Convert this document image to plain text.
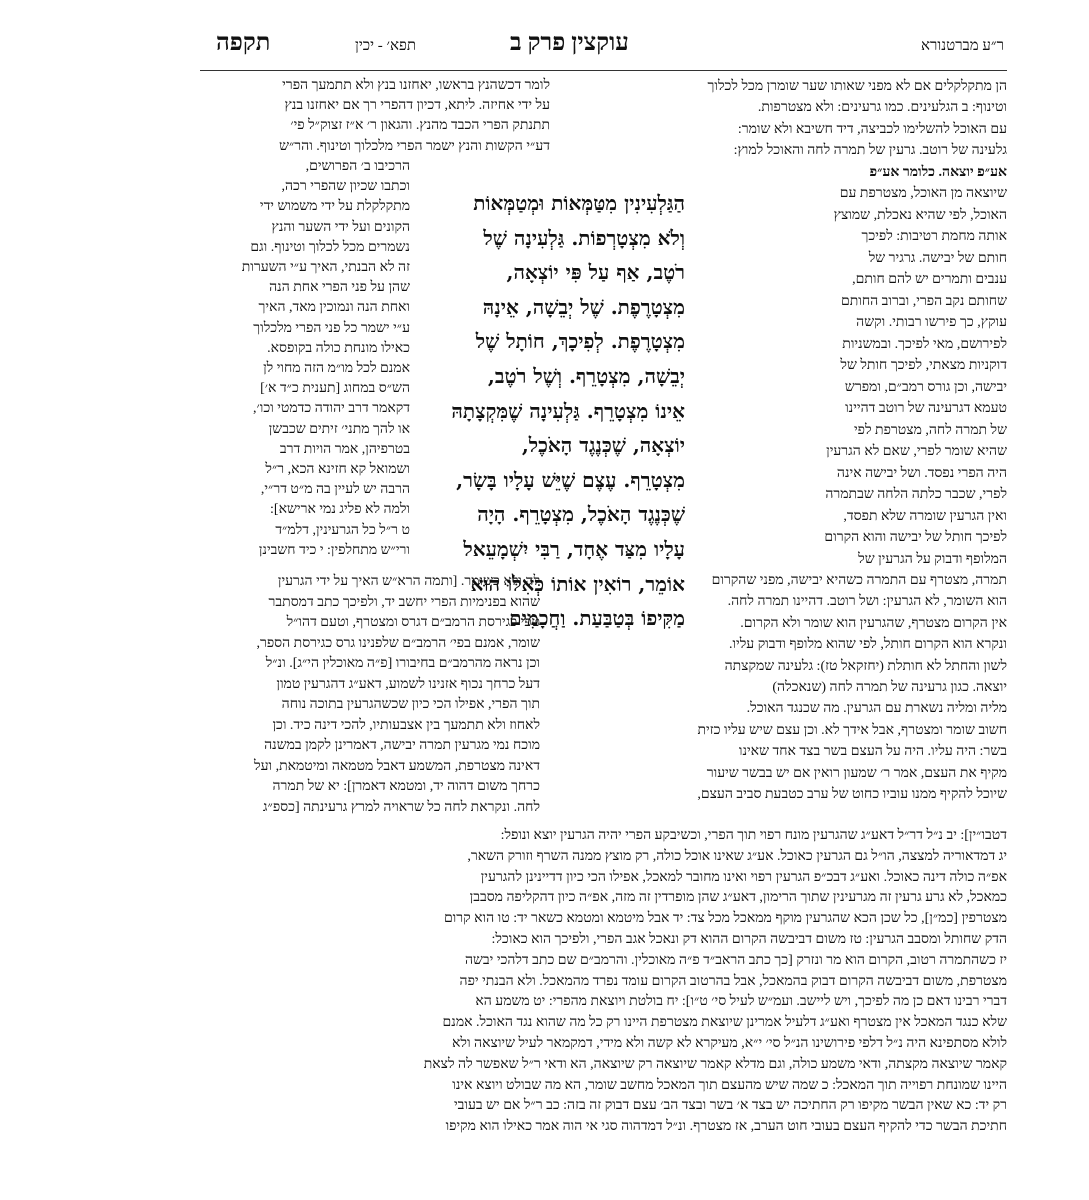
תקפה	תפא׳ - יכין	עוקצין פרק ב	ר״ע מברטנורא
הן מתקלקלים אם לא מפני שאותו שער שומרן מכל לכלוך
וטינוף: ב הגלעינים. כמו גרעינים: ולא מצטרפות.
עם האוכל להשלימו לכביצה, דיד חשיבא ולא שומר:
גלעינה של רוטב. גרעין של תמרה לחה והאוכל למוץ:
אע״פ יוצאה. כלומר אע״פ
שיוצאה מן האוכל, מצטרפת עם
האוכל, לפי שהיא נאכלת, שמוצץ
אותה מחמת רטיבות: לפיכך
חותם של יבישה. גרגיר של
ענבים ותמרים יש להם חותם,
שחותם נקב הפרי, וברוב החותם
עוקץ, כך פירשו רבותי. וקשה
לפירושם, מאי לפיכך. ובמשניות
דוקניות מצאתי, לפיכך חותל של
יבישה, וכן גורס רמב״ם, ומפרש
טעמא דגרעינה של רוטב דהיינו
של תמרה לחה, מצטרפת לפי
שהיא שומר לפרי, שאם לא הגרעין
היה הפרי נפסד. ושל יבישה אינה
לפרי, שכבר כלתה הלחה שבתמרה
ואין הגרעין שומרה שלא תפסד,
לפיכך חותל של יבישה והוא הקרום
המלופף ודבוק על הגרעין של
תמרה, מצטרף עם התמרה כשהיא יבישה, מפני שהקרום
הוא השומר, לא הגרעין: ושל רוטב. דהיינו תמרה לחה.
אין הקרום מצטרף, שהגרעין הוא שומר ולא הקרום.
ונקרא הוא הקרום חותל, לפי שהוא מלופף ודבוק עליו.
לשון והחתל לא חותלת (יחזקאל טז): גלעינה שמקצתה
יוצאה. כגון גרעינה של תמרה לחה (שנאכלה)
מליה ומליה נשארת עם הגרעין. מה שכנגד האוכל.
חשוב שומר ומצטרף, אבל אידך לא. וכן עצם שיש עליו כזית
בשר: היה עליו. היה על העצם בשר בצד אחד שאינו
מקיף את העצם, אמר ר׳ שמעון רואין אם יש בבשר שיעור
שיוכל להקיף ממנו עוביו כחוט של ערב כטבעת סביב העצם,
הַגַּלְעִינִין מִטַּמְּאוֹת וּמְטַמְּאוֹת
וְלֹא מִצְטָרְפוֹת. גַּלְעִינָה שֶׁל
רֹטֶב, אַף עַל פִּי יוֹצְאָה,
מִצְטָרֶפֶת. שֶׁל יְבֵשָׁה, אֵינָהּ
מִצְטָרֶפֶת. לְפִיכָךְ, חוֹתָל שֶׁל
יְבֵשָׁה, מִצְטָרֵף. וְשֶׁל רֹטֶב,
אֵינוֹ מִצְטָרֵף. גַּלְעִינָה שֶׁמִּקְצָתָהּ
יוֹצְאָה, שֶׁכְּנֶגֶד הָאֹכֶל,
מִצְטָרֵף. עֶצֶם שֶׁיֵּשׁ עָלָיו בָּשָׂר,
שֶׁכְּנֶגֶד הָאֹכֶל, מִצְטָרֵף. הָיָה
עָלָיו מִצַּד אֶחָד, רַבִּי יִשְׁמָעֵאל
אוֹמֵר, רוֹאִין אוֹתוֹ כְּאִלּוּ הוּא
מַקִּיפוֹ בְּטַבַּעַת. וַחֲכָמִים
לומר דכשהנץ בראשו, יאחזנו בנץ ולא תתמעך הפרי
על ידי אחיזה. ליתא, דכיון דהפרי רך אם יאחזנו בנץ
תתנתק הפרי הכבד מהנץ. והגאון ר׳ א״ז זצוק״ל פי׳
דע״י הקשות והנץ ישמר הפרי מלכלוך וטינוף. והר״ש
הרכיבו ב׳ הפרושים,
וכתבו שכיון שהפרי רכה,
מתקלקלת על ידי משמוש ידי
הקונים ועל ידי השער והנץ
נשמרים מכל לכלוך וטינוף. וגם
זה לא הבנתי, האיך ע״י השערות
שהן על פני הפרי אחת הנה
ואחת הנה ונמוכין מאד, האיך
ע״י ישמר כל פני הפרי מלכלוך
כאילו מונחת כולה בקופסא.
אמנם לכל מו״מ הזה מחוי לן
הש״ס במחוג [תענית כ״ד א׳]
דקאמר דרב יהודה כדמטי וכו׳,
או להך מתני׳ זיתים שכבשן
בטרפיהן, אמר הויות דרב
ושמואל קא חזינא הכא, ר״ל
הרבה יש לעיין בה מ״ט דר״י,
ולמה לא פליג נמי ארישא]:
ט ר״ל כל הגרעינין, דלמ״ד
ורי״ש מתחלפין: י כיד חשבינן
לה ולא כשומר. [ותמה הרא״ש האיך על ידי הגרעין
שהוא בפנימיות הפרי יחשב יד, ולפיכך כתב דמסתבר
טפי כגירסת הרמב״ם דגרס ומצטרף, וטעם דהו״ל
שומר, אמנם בפי׳ הרמב״ם שלפנינו גרס כגירסת הספר,
וכן נראה מהרמב״ם בחיבורו [פ״ה מאוכלין הי״ג]. ונ״ל
דעל כרחך נכוף אזנינו לשמוע, דאע״ג דהגרעין טמון
תוך הפרי, אפילו הכי כיון שכשהגרעין בתוכה נוחה
לאחוז ולא תתמעך בין אצבעותיו, להכי דינה כיד. וכן
מוכח נמי מגרעין תמרה יבישה, דאמרינן לקמן במשנה
דאינה מצטרפת, המשמע דאבל מטמאה ומיטמאת, ועל
כרחך משום דהוה יד, ומטמא דאמרן]: יא של תמרה
לחה. ונקראת לחה כל שראויה למרץ גרעינתה [כספ״ג
דטבו״ין]: יב נ״ל דר״ל דאע״ג שהגרעין מונח רפוי תוך הפרי, וכשיבקע הפרי יהיה הגרעין יוצא ונופל:
יג דמדאוריה למצצה, הו״ל גם הגרעין כאוכל. אע״ג שאינו אוכל כולה, רק מוצץ ממנה השרף וזורק השאר,
אפ״ה כולה דינה כאוכל. ואע״ג דבכ״פ הגרעין רפוי ואינו מחובר למאכל, אפילו הכי כיון דדיינינן להגרעין
כמאכל, לא גרע גרעין זה מגרעינין שתוך הרימון, דאע״ג שהן מופרדין זה מזה, אפ״ה כיון דהקליפה מסבבן
מצטרפין [כמ״ן], כל שכן הכא שהגרעין מוקף ממאכל מכל צד: יד אבל מיטמא ומטמא כשאר יד: טו הוא קרום
הדק שחותל ומסבב הגרעין: טז משום דביבשה הקרום ההוא דק ונאכל אגב הפרי, ולפיכך הוא כאוכל:
יז כשהתמרה רטוב, הקרום הוא מר ונזרק [כך כתב הראב״ד פ״ה מאוכלין. והרמב״ם שם כתב דלהכי יבשה
מצטרפת, משום דביבשה הקרום דבוק בהמאכל, אבל בהרטוב הקרום עומד נפרד מהמאכל. ולא הבנתי יפה
דברי רבינו דאם כן מה לפיכך, ויש ליישב. ועמ״ש לעיל סי׳ ט״ו]: יח בולטת ויוצאת מהפרי: יט משמע הא
שלא כנגד המאכל אין מצטרף ואע״ג דלעיל אמרינן שיוצאת מצטרפת היינו רק כל מה שהוא נגד האוכל. אמנם
לולא מסתפינא היה נ״ל דלפי פירושינו הנ״ל סי׳ י״א, מעיקרא לא קשה ולא מידי, דמקמאר לעיל שיוצאה ולא
קאמר שיוצאה מקצתה, ודאי משמע כולה, וגם מדלא קאמר שיוצאה רק שיוצאה, הא ודאי ר״ל שאפשר לה לצאת
היינו שמונחת רפוייה תוך המאכל: כ שמה שיש מהעצם תוך המאכל מחשב שומר, הא מה שבולט ויוצא אינו
רק יד: כא שאין הבשר מקיפו רק החתיכה יש בצד א׳ בשר ובצד הב׳ עצם דבוק זה בזה: כב ר״ל אם יש בעובי
חתיכת הבשר כדי להקיף העצם בעובי חוט הערב, אז מצטרף. ונ״ל דמדהוה סגי אי הוה אמר כאילו הוא מקיפו
